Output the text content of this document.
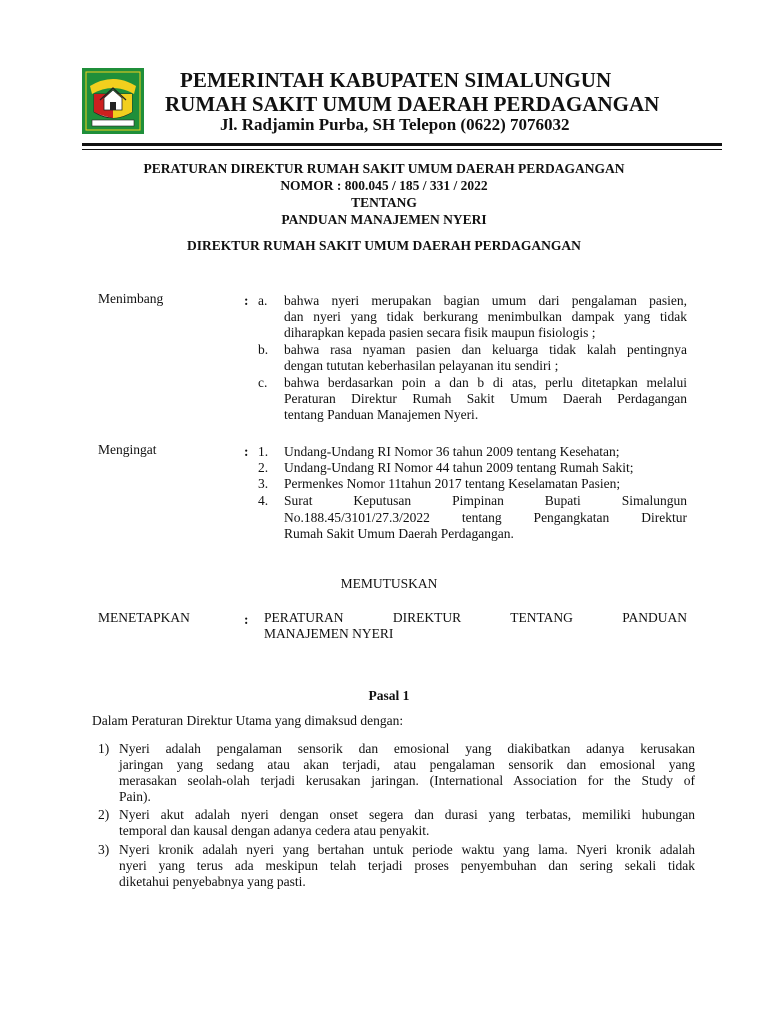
PEMERINTAH KABUPATEN SIMALUNGUN
RUMAH SAKIT UMUM DAERAH PERDAGANGAN
Jl. Radjamin Purba, SH Telepon (0622) 7076032
PERATURAN DIREKTUR RUMAH SAKIT UMUM DAERAH PERDAGANGAN
NOMOR : 800.045 / 185 / 331 / 2022
TENTANG
PANDUAN MANAJEMEN NYERI
DIREKTUR RUMAH SAKIT UMUM DAERAH PERDAGANGAN
Menimbang	: a. bahwa nyeri merupakan bagian umum dari pengalaman pasien,
dan nyeri yang tidak berkurang menimbulkan dampak yang tidak
diharapkan kepada pasien secara fisik maupun fisiologis ;
b. bahwa rasa nyaman pasien dan keluarga tidak kalah pentingnya
dengan tututan keberhasilan pelayanan itu sendiri ;
c. bahwa berdasarkan poin a dan b di atas, perlu ditetapkan melalui
Peraturan Direktur Rumah Sakit Umum Daerah Perdagangan
tentang Panduan Manajemen Nyeri.
Mengingat	: 1. Undang-Undang RI Nomor 36 tahun 2009 tentang Kesehatan;
2. Undang-Undang RI Nomor 44 tahun 2009 tentang Rumah Sakit;
3. Permenkes Nomor 11tahun 2017 tentang Keselamatan Pasien;
4. Surat Keputusan Pimpinan Bupati Simalungun
No.188.45/3101/27.3/2022 tentang Pengangkatan Direktur
Rumah Sakit Umum Daerah Perdagangan.
MEMUTUSKAN
MENETAPKAN	: PERATURAN DIREKTUR TENTANG PANDUAN
MANAJEMEN NYERI
Pasal 1
Dalam Peraturan Direktur Utama yang dimaksud dengan:
1) Nyeri adalah pengalaman sensorik dan emosional yang diakibatkan adanya kerusakan
jaringan yang sedang atau akan terjadi, atau pengalaman sensorik dan emosional yang
merasakan seolah-olah terjadi kerusakan jaringan. (International Association for the Study of
Pain).
2) Nyeri akut adalah nyeri dengan onset segera dan durasi yang terbatas, memiliki hubungan
temporal dan kausal dengan adanya cedera atau penyakit.
3) Nyeri kronik adalah nyeri yang bertahan untuk periode waktu yang lama. Nyeri kronik adalah
nyeri yang terus ada meskipun telah terjadi proses penyembuhan dan sering sekali tidak
diketahui penyebabnya yang pasti.
